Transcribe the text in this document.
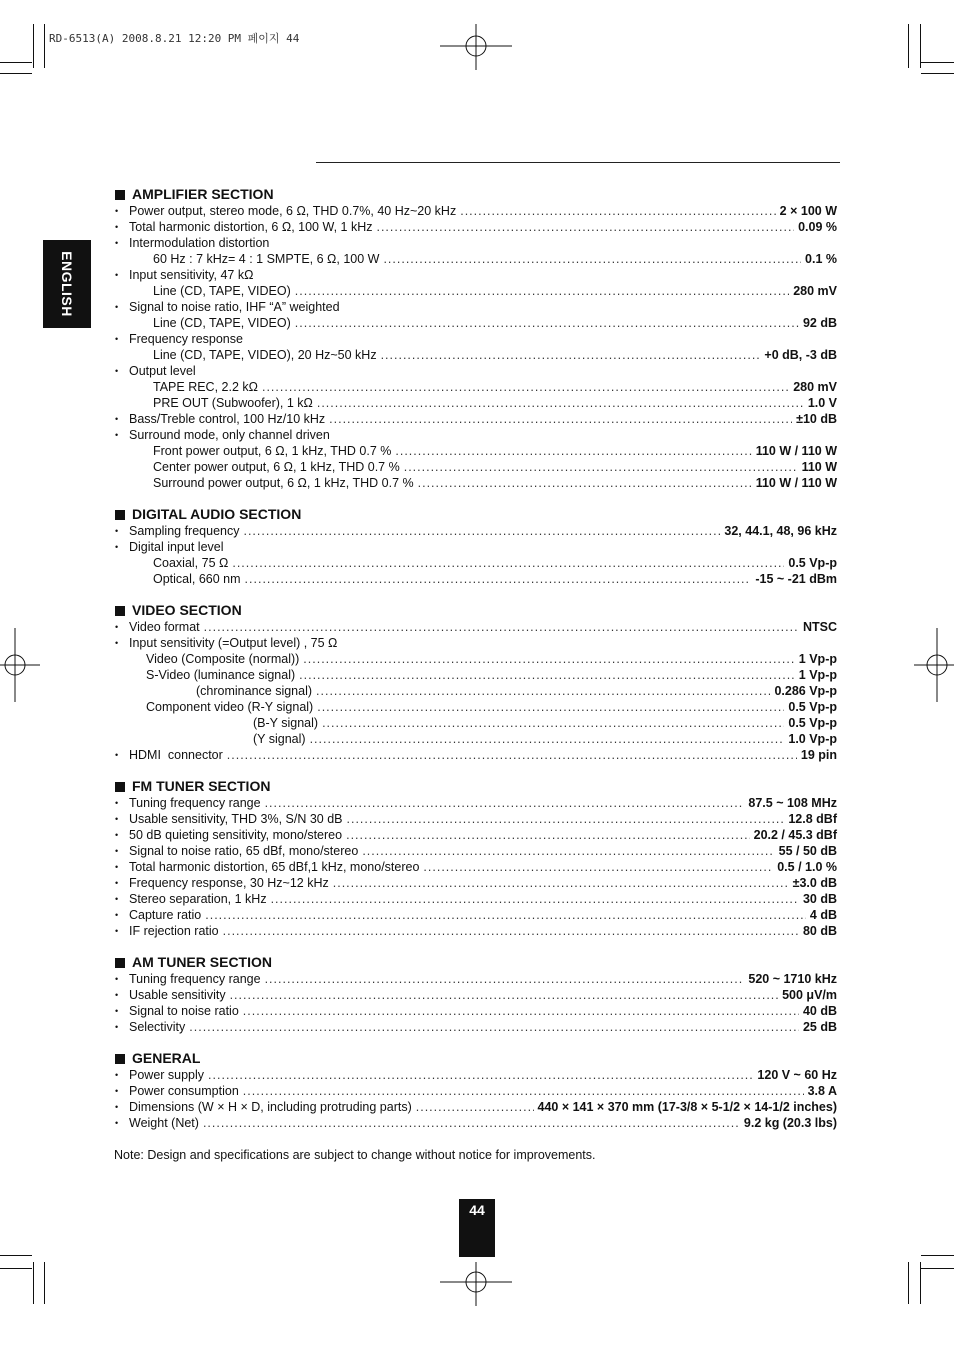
RD-6513(A) 2008.8.21 12:20 PM 페이지 44
ENGLISH
AMPLIFIER SECTION
• Power output, stereo mode, 6 Ω, THD 0.7%, 40 Hz~20 kHz .....	2 × 100 W
• Total harmonic distortion, 6 Ω, 100 W, 1 kHz .....	0.09 %
• Intermodulation distortion
60 Hz : 7 kHz= 4 : 1 SMPTE, 6 Ω, 100 W .....	0.1 %
• Input sensitivity, 47 kΩ
Line (CD, TAPE, VIDEO) .....	280 mV
• Signal to noise ratio, IHF “A” weighted
Line (CD, TAPE, VIDEO) .....	92 dB
• Frequency response
Line (CD, TAPE, VIDEO), 20 Hz~50 kHz .....	+0 dB, -3 dB
• Output level
TAPE REC, 2.2 kΩ .....	280 mV
PRE OUT (Subwoofer), 1 kΩ .....	1.0 V
• Bass/Treble control, 100 Hz/10 kHz .....	±10 dB
• Surround mode, only channel driven
Front power output, 6 Ω, 1 kHz, THD 0.7 % .....	110 W / 110 W
Center power output, 6 Ω, 1 kHz, THD 0.7 % .....	110 W
Surround power output, 6 Ω, 1 kHz, THD 0.7 % .....	110 W / 110 W
DIGITAL AUDIO SECTION
• Sampling frequency .....	32, 44.1, 48, 96 kHz
• Digital input level
Coaxial, 75 Ω .....	0.5 Vp-p
Optical, 660 nm .....	-15 ~ -21 dBm
VIDEO SECTION
• Video format .....	NTSC
• Input sensitivity (=Output level) , 75 Ω
Video (Composite (normal)) .....	1 Vp-p
S-Video (luminance signal) .....	1 Vp-p
(chrominance signal) .....	0.286 Vp-p
Component video (R-Y signal) .....	0.5 Vp-p
(B-Y signal) .....	0.5 Vp-p
(Y signal) .....	1.0 Vp-p
• HDMI  connector .....	19 pin
FM TUNER SECTION
• Tuning frequency range .....	87.5 ~ 108 MHz
• Usable sensitivity, THD 3%, S/N 30 dB .....	12.8 dBf
• 50 dB quieting sensitivity, mono/stereo .....	20.2 / 45.3 dBf
• Signal to noise ratio, 65 dBf, mono/stereo .....	55 / 50 dB
• Total harmonic distortion, 65 dBf,1 kHz, mono/stereo .....	0.5 / 1.0 %
• Frequency response, 30 Hz~12 kHz .....	±3.0 dB
• Stereo separation, 1 kHz .....	30 dB
• Capture ratio .....	4 dB
• IF rejection ratio .....	80 dB
AM TUNER SECTION
• Tuning frequency range .....	520 ~ 1710 kHz
• Usable sensitivity .....	500 μV/m
• Signal to noise ratio .....	40 dB
• Selectivity .....	25 dB
GENERAL
• Power supply .....	120 V ~ 60 Hz
• Power consumption .....	3.8 A
• Dimensions (W × H × D, including protruding parts) .....	440 × 141 × 370 mm (17-3/8 × 5-1/2 × 14-1/2 inches)
• Weight (Net) .....	9.2 kg (20.3 lbs)
Note: Design and specifications are subject to change without notice for improvements.
44
